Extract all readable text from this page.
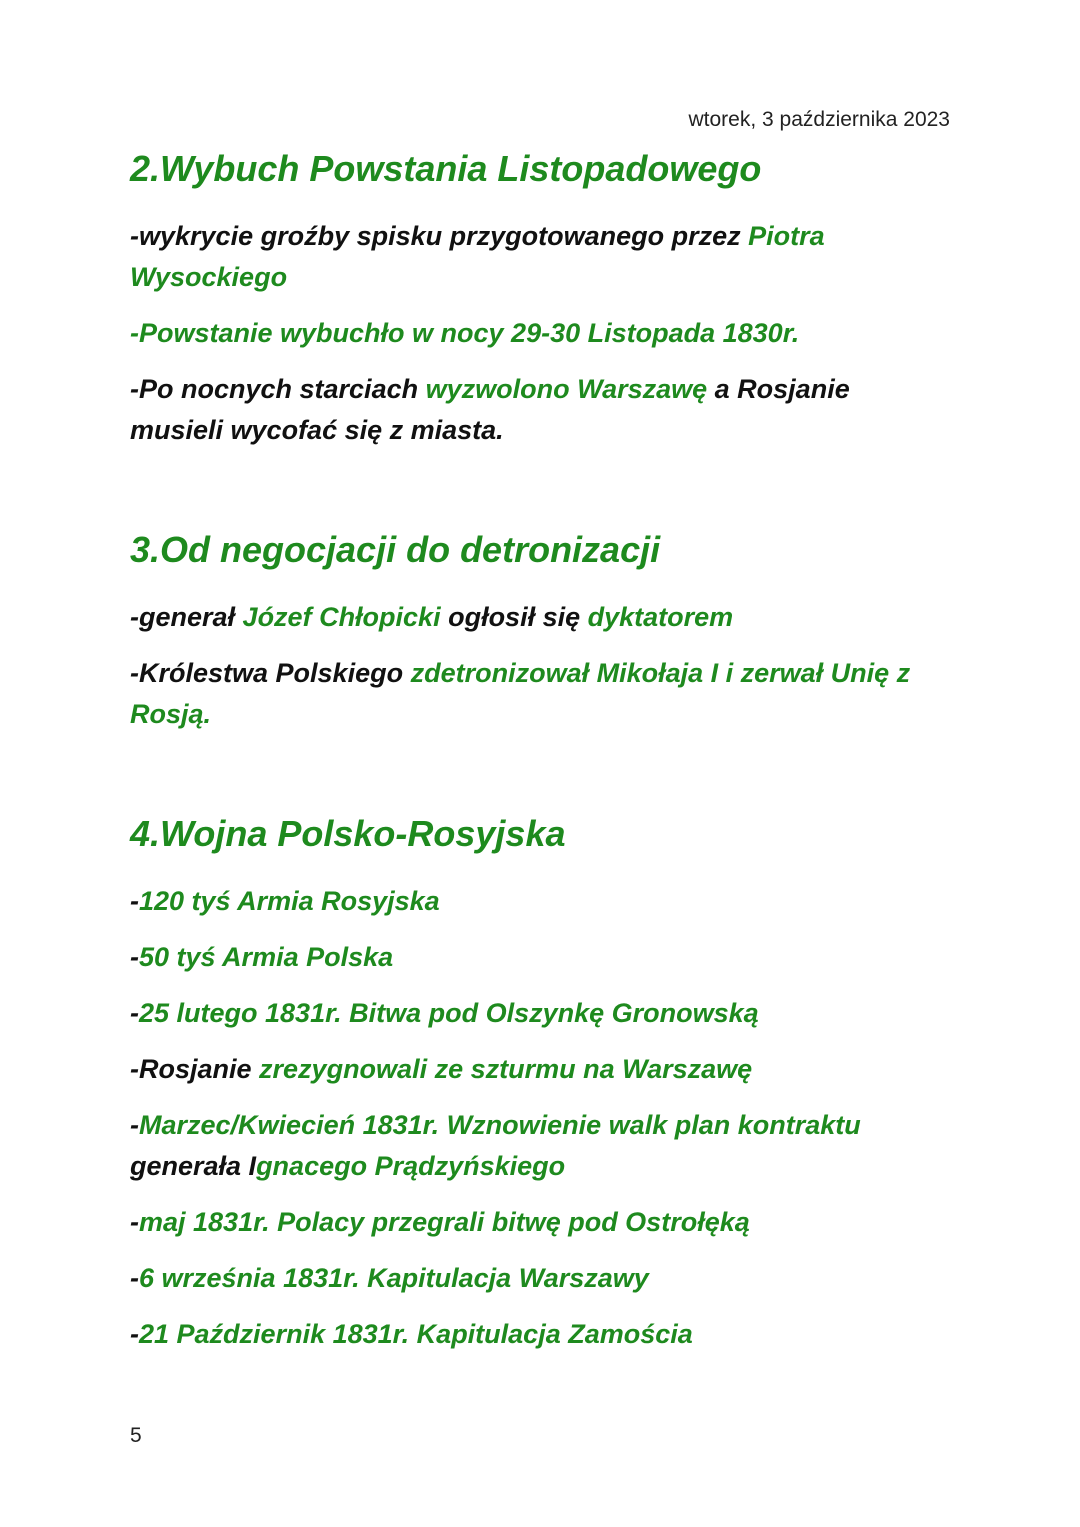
wtorek, 3 października 2023
2.Wybuch Powstania Listopadowego

-wykrycie groźby spisku przygotowanego przez Piotra Wysockiego

-Powstanie wybuchło w nocy 29-30 Listopada 1830r.

-Po nocnych starciach wyzwolono Warszawę a Rosjanie musieli wycofać się z miasta.

3.Od negocjacji do detronizacji

-generał Józef Chłopicki ogłosił się dyktatorem

-Królestwa Polskiego zdetronizował Mikołaja I i zerwał Unię z Rosją.

4.Wojna Polsko-Rosyjska

-120 tyś Armia Rosyjska

-50 tyś Armia Polska

-25 lutego 1831r. Bitwa pod Olszynkę Gronowską

-Rosjanie zrezygnowali ze szturmu na Warszawę

-Marzec/Kwiecień 1831r. Wznowienie walk plan kontraktu generała Ignacego Prądzyńskiego

-maj 1831r. Polacy przegrali bitwę pod Ostrołęką

-6 września 1831r. Kapitulacja Warszawy

-21 Październik 1831r. Kapitulacja Zamościa

5
